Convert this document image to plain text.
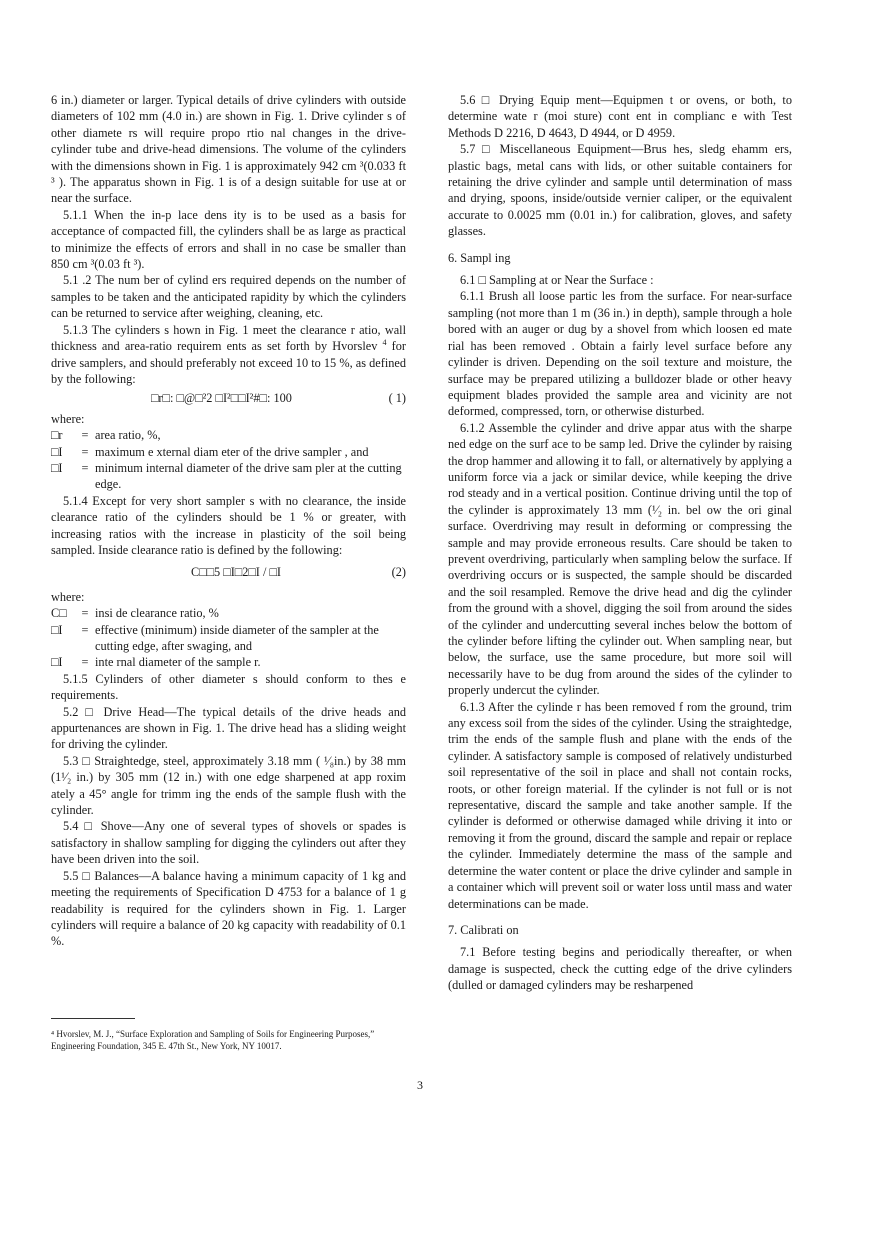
6 in.) diameter or larger. Typical details of drive cylinders with outside diameters of 102 mm (4.0 in.) are shown in Fig. 1. Drive cylinder s of other diamete rs will require propo rtio nal changes in the drive-cylinder tube and drive-head dimensions. The volume of the cylinders with the dimensions shown in Fig. 1 is approximately 942 cm ³(0.033 ft ³ ). The apparatus shown in Fig. 1 is of a design suitable for use at or near the surface.

5.1.1 When the in-p lace dens ity is to be used as a basis for acceptance of compacted fill, the cylinders shall be as large as practical to minimize the effects of errors and shall in no case be smaller than 850 cm ³(0.03 ft ³).

5.1 .2 The num ber of cylind ers required depends on the number of samples to be taken and the anticipated rapidity by which the cylinders can be returned to service after weighing, cleaning, etc.

5.1.3 The cylinders s hown in Fig. 1 meet the clearance r atio, wall thickness and area-ratio requirem ents as set forth by Hvorslev $^4$ for drive samplers, and should preferably not exceed 10 to 15 %, as defined by the following:

□r□: □@□²2 □I²□□I²#□: 100	( 1)
where:
□r	= area ratio, %,
□I	= maximum e xternal diam eter of the drive sampler , and
□I	= minimum internal diameter of the drive sam pler at the cutting edge.

5.1.4 Except for very short sampler s with no clearance, the inside clearance ratio of the cylinders should be 1 % or greater, with increasing ratios with the increase in plasticity of the soil being sampled. Inside clearance ratio is defined by the following:

C□□5 □I□2□I / □I	(2)
where:
C□	= insi de clearance ratio, %
□I	= effective (minimum) inside diameter of the sampler at the cutting edge, after swaging, and
□I	= inte rnal diameter of the sample r.

5.1.5 Cylinders of other diameter s should conform to thes e requirements.

5.2 □ Drive Head—The typical details of the drive heads and appurtenances are shown in Fig. 1. The drive head has a sliding weight for driving the cylinder.

5.3 □ Straightedge, steel, approximately 3.18 mm ( ¹⁄₈in.) by 38 mm (1¹⁄₂ in.) by 305 mm (12 in.) with one edge sharpened at app roxim ately a 45° angle for trimm ing the ends of the sample flush with the cylinder.

5.4 □ Shove—Any one of several types of shovels or spades is satisfactory in shallow sampling for digging the cylinders out after they have been driven into the soil.

5.5 □ Balances—A balance having a minimum capacity of 1 kg and meeting the requirements of Specification D 4753 for a balance of 1 g readability is required for the cylinders shown in Fig. 1. Larger cylinders will require a balance of 20 kg capacity with readability of 0.1 %.

5.6 □ Drying Equip ment—Equipmen t or ovens, or both, to determine wate r (moi sture) cont ent in complianc e with Test Methods D 2216, D 4643, D 4944, or D 4959.

5.7 □ Miscellaneous Equipment—Brus hes, sledg ehamm ers, plastic bags, metal cans with lids, or other suitable containers for retaining the drive cylinder and sample until determination of mass and drying, spoons, inside/outside vernier caliper, or the equivalent accurate to 0.0025 mm (0.01 in.) for calibration, gloves, and safety glasses.

6. Sampl ing

6.1 □ Sampling at or Near the Surface :

6.1.1 Brush all loose partic les from the surface. For near-surface sampling (not more than 1 m (36 in.) in depth), sample through a hole bored with an auger or dug by a shovel from which loosen ed mate rial has been removed . Obtain a fairly level surface before any cylinder is driven. Depending on the soil texture and moisture, the surface may be prepared utilizing a bulldozer blade or other heavy equipment blades provided the sample area and vicinity are not deformed, compressed, torn, or otherwise disturbed.

6.1.2 Assemble the cylinder and drive appar atus with the sharpe ned edge on the surf ace to be samp led. Drive the cylinder by raising the drop hammer and allowing it to fall, or alternatively by applying a uniform force via a jack or similar device, while keeping the drive rod steady and in a vertical position. Continue driving until the top of the cylinder is approximately 13 mm (¹⁄₂ in. bel ow the ori ginal surface. Overdriving may result in deforming or compressing the sample and may provide erroneous results. Care should be taken to prevent overdriving, particularly when sampling below the surface. If overdriving occurs or is suspected, the sample should be discarded and the soil resampled. Remove the drive head and dig the cylinder from the ground with a shovel, digging the soil from around the sides of the cylinder and undercutting several inches below the bottom of the cylinder before lifting the cylinder out. When sampling near, but below, the surface, use the same procedure, but more soil will necessarily have to be dug from around the sides of the cylinder to properly undercut the cylinder.

6.1.3 After the cylinde r has been removed f rom the ground, trim any excess soil from the sides of the cylinder. Using the straightedge, trim the ends of the sample flush and plane with the ends of the cylinder. A satisfactory sample is composed of relatively undisturbed soil representative of the soil in place and shall not contain rocks, roots, or other foreign material. If the cylinder is not full or is not representative, discard the sample and take another sample. If the cylinder is deformed or otherwise damaged while driving it into or removing it from the ground, discard the sample and repair or replace the cylinder. Immediately determine the mass of the sample and determine the water content or place the drive cylinder and sample in a container which will prevent soil or water loss until mass and water determinations can be made.

7. Calibrati on

7.1 Before testing begins and periodically thereafter, or when damage is suspected, check the cutting edge of the drive cylinders (dulled or damaged cylinders may be resharpened

⁴ Hvorslev, M. J., “Surface Exploration and Sampling of Soils for Engineering Purposes,” Engineering Foundation, 345 E. 47th St., New York, NY 10017.
3
